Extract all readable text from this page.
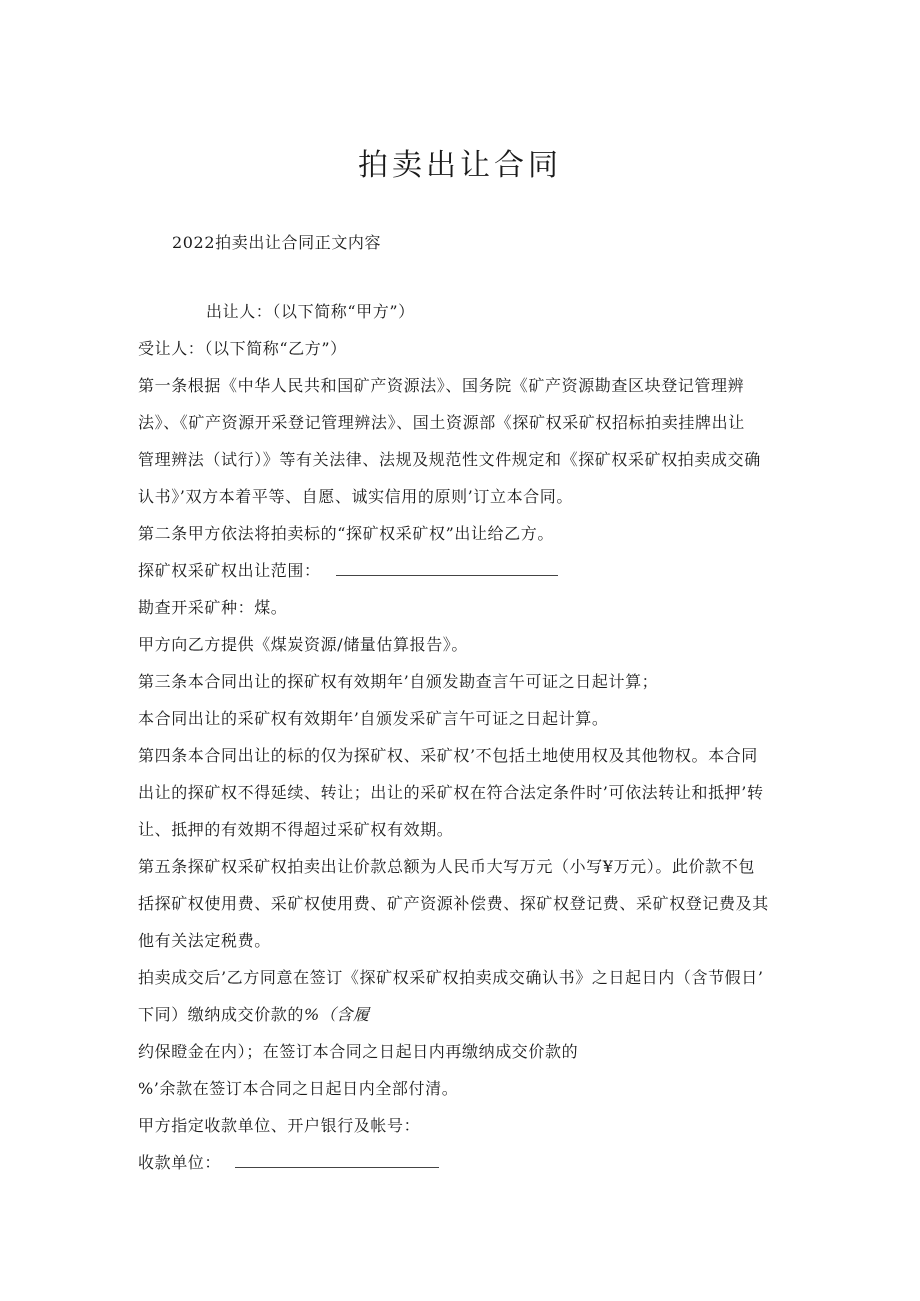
拍卖出让合同
2022拍卖出让合同正文内容
出让人：（以下简称“甲方”）
受让人：（以下简称“乙方”）
第一条根据《中华人民共和国矿产资源法》、国务院《矿产资源勘查区块登记管理辨
法》、《矿产资源开采登记管理辨法》、国土资源部《探矿权采矿权招标拍卖挂牌出让
管理辨法（试行）》等有关法律、法规及规范性文件规定和《探矿权采矿权拍卖成交确
认书》’双方本着平等、自愿、诚实信用的原则’订立本合同。
第二条甲方依法将拍卖标的“探矿权采矿权”出让给乙方。
探矿权采矿权出让范围：
勘查开采矿种：煤。
甲方向乙方提供《煤炭资源/储量估算报告》。
第三条本合同出让的探矿权有效期年’自颁发勘查言午可证之日起计算；
本合同出让的采矿权有效期年’自颁发采矿言午可证之日起计算。
第四条本合同出让的标的仅为探矿权、采矿权’不包括土地使用权及其他物权。本合同
出让的探矿权不得延续、转让；出让的采矿权在符合法定条件时’可依法转让和抵押’转
让、抵押的有效期不得超过采矿权有效期。
第五条探矿权采矿权拍卖出让价款总额为人民币大写万元（小写¥万元）。此价款不包
括探矿权使用费、采矿权使用费、矿产资源补偿费、探矿权登记费、采矿权登记费及其
他有关法定税费。
拍卖成交后’乙方同意在签订《探矿权采矿权拍卖成交确认书》之日起日内（含节假日’
下同）缴纳成交价款的%（含履
约保瞪金在内）；在签订本合同之日起日内再缴纳成交价款的
%’余款在签订本合同之日起日内全部付清。
甲方指定收款单位、开户银行及帐号：
收款单位：
